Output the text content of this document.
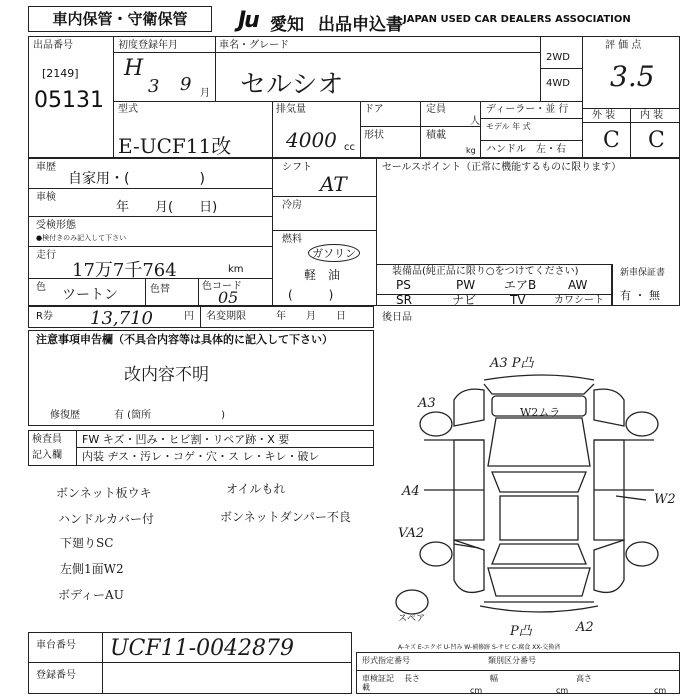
車内保管・守衛保管	Ju 愛知 出品申込書 JAPAN USED CAR DEALERS ASSOCIATION
出品番号
[2149]
05131
初度登録年月
H
3 9 月
車名・グレード
セルシオ
2WD
4WD
評 価 点
3.5
外 装 内 装
C C
型式
E-UCF11改
排気量
4000 cc
ドア
形状
定員
人
積載
kg
ディーラー・並 行
モデル 年 式
ハンドル　左・右
車歴
自家用・(　　　　　)
車検
年　　月(　　日)
受検形態
●検付きのみ記入して下さい
走行
17万7千764	km
色 ツートン	色替	色コード
05
シフト
AT
冷房
燃料
ガソリン
軽　油
(　　　)
セールスポイント（正常に機能するものに限ります）
装備品(純正品に限り○をつけてください)
PS	PW エアB	AW
SR	ナビ	TV	カワシート
新車保証書
有 ・ 無
R券 13,710	円 名変期限	年　　月　　日	後日品
注意事項申告欄（不具合内容等は具体的に記入して下さい）
改内容不明
修復歴	有 (箇所　　　　　　　)
検査員
記入欄
FW キズ・凹み・ヒビ割・リペア跡・X 要
内装 ヂス・汚レ・コゲ・穴・ス レ・キレ・破レ
ボンネット板ウキ
ハンドルカバー付
下廻りSC
左側1面W2
ボディーAU
オイルもれ
ボンネットダンパー不良
A3 P凸
A3
W2ムラ
A4
W2
VA2
P凸	A2
スペア
A-キズ E-エクボ U-凹み W-補修跡 S-サビ C-腐食 XX-交換済
車台番号 UCF11-0042879
登録番号
形式指定番号	類別区分番号
車検証記載
長さ
cm
幅
cm
高さ
cm
